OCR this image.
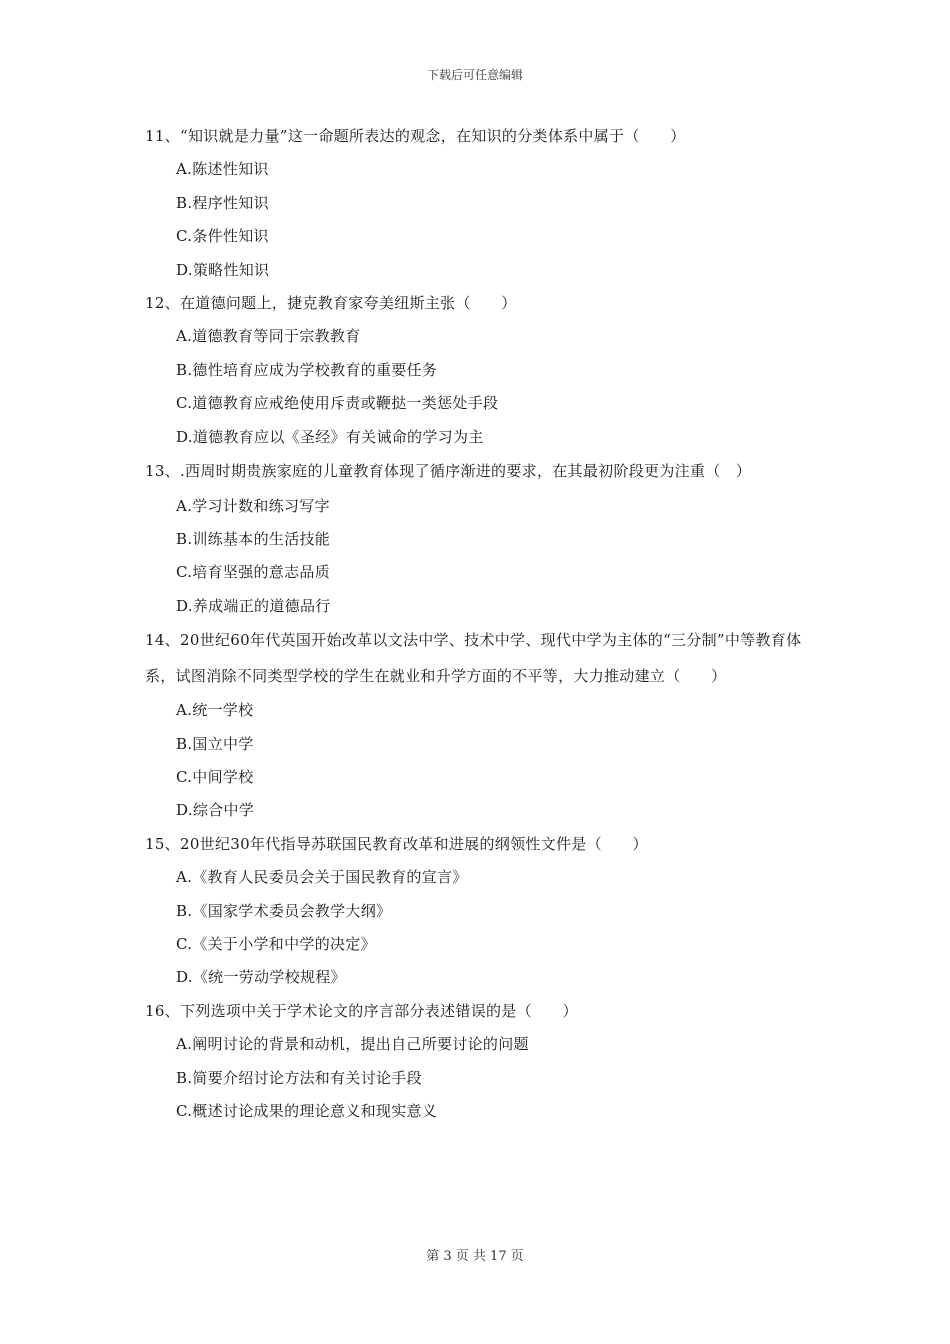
下载后可任意编辑
11、“知识就是力量”这一命题所表达的观念，在知识的分类体系中属于（　　）
A.陈述性知识
B.程序性知识
C.条件性知识
D.策略性知识
12、在道德问题上，捷克教育家夸美纽斯主张（　　）
A.道德教育等同于宗教教育
B.德性培育应成为学校教育的重要任务
C.道德教育应戒绝使用斥责或鞭挞一类惩处手段
D.道德教育应以《圣经》有关诫命的学习为主
13、.西周时期贵族家庭的儿童教育体现了循序渐进的要求，在其最初阶段更为注重（　）
A.学习计数和练习写字
B.训练基本的生活技能
C.培育坚强的意志品质
D.养成端正的道德品行
14、20世纪60年代英国开始改革以文法中学、技术中学、现代中学为主体的“三分制”中等教育体系，试图消除不同类型学校的学生在就业和升学方面的不平等，大力推动建立（　　）
A.统一学校
B.国立中学
C.中间学校
D.综合中学
15、20世纪30年代指导苏联国民教育改革和进展的纲领性文件是（　　）
A.《教育人民委员会关于国民教育的宣言》
B.《国家学术委员会教学大纲》
C.《关于小学和中学的决定》
D.《统一劳动学校规程》
16、下列选项中关于学术论文的序言部分表述错误的是（　　）
A.阐明讨论的背景和动机，提出自己所要讨论的问题
B.简要介绍讨论方法和有关讨论手段
C.概述讨论成果的理论意义和现实意义
第 3 页 共 17 页
